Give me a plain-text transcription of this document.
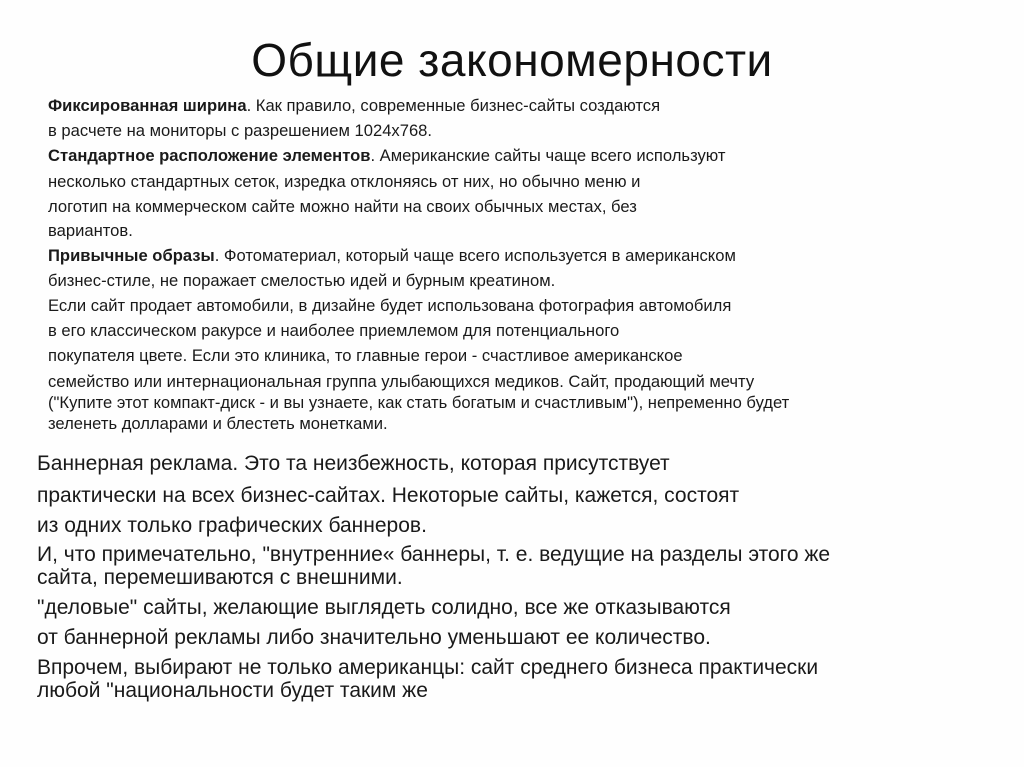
Общие закономерности
Фиксированная ширина. Как правило, современные бизнес-сайты создаются
в расчете на мониторы с разрешением 1024x768.
Стандартное расположение элементов. Американские сайты чаще всего используют
несколько стандартных сеток, изредка отклоняясь от них, но обычно меню и
логотип на коммерческом сайте можно найти на своих обычных местах, без
вариантов.
Привычные образы. Фотоматериал, который чаще всего используется в американском
бизнес-стиле, не поражает смелостью идей и бурным креатином.
Если сайт продает автомобили, в дизайне будет использована фотография автомобиля
в его классическом ракурсе и наиболее приемлемом для потенциального
покупателя цвете. Если это клиника, то главные герои - счастливое американское
семейство или интернациональная группа улыбающихся медиков. Сайт, продающий мечту
("Купите этот компакт-диск - и вы узнаете, как стать богатым и счастливым"), непременно будет
зеленеть долларами и блестеть монетками.
Баннерная реклама. Это та неизбежность, которая присутствует
практически на всех бизнес-сайтах. Некоторые сайты, кажется, состоят
из одних только графических баннеров.
И, что примечательно, "внутренние« баннеры, т. е. ведущие на разделы этого же
сайта, перемешиваются с внешними.
"деловые" сайты, желающие выглядеть солидно, все же отказываются
от баннерной рекламы либо значительно уменьшают ее количество.
Впрочем, выбирают не только американцы: сайт среднего бизнеса практически
любой "национальности будет таким же
